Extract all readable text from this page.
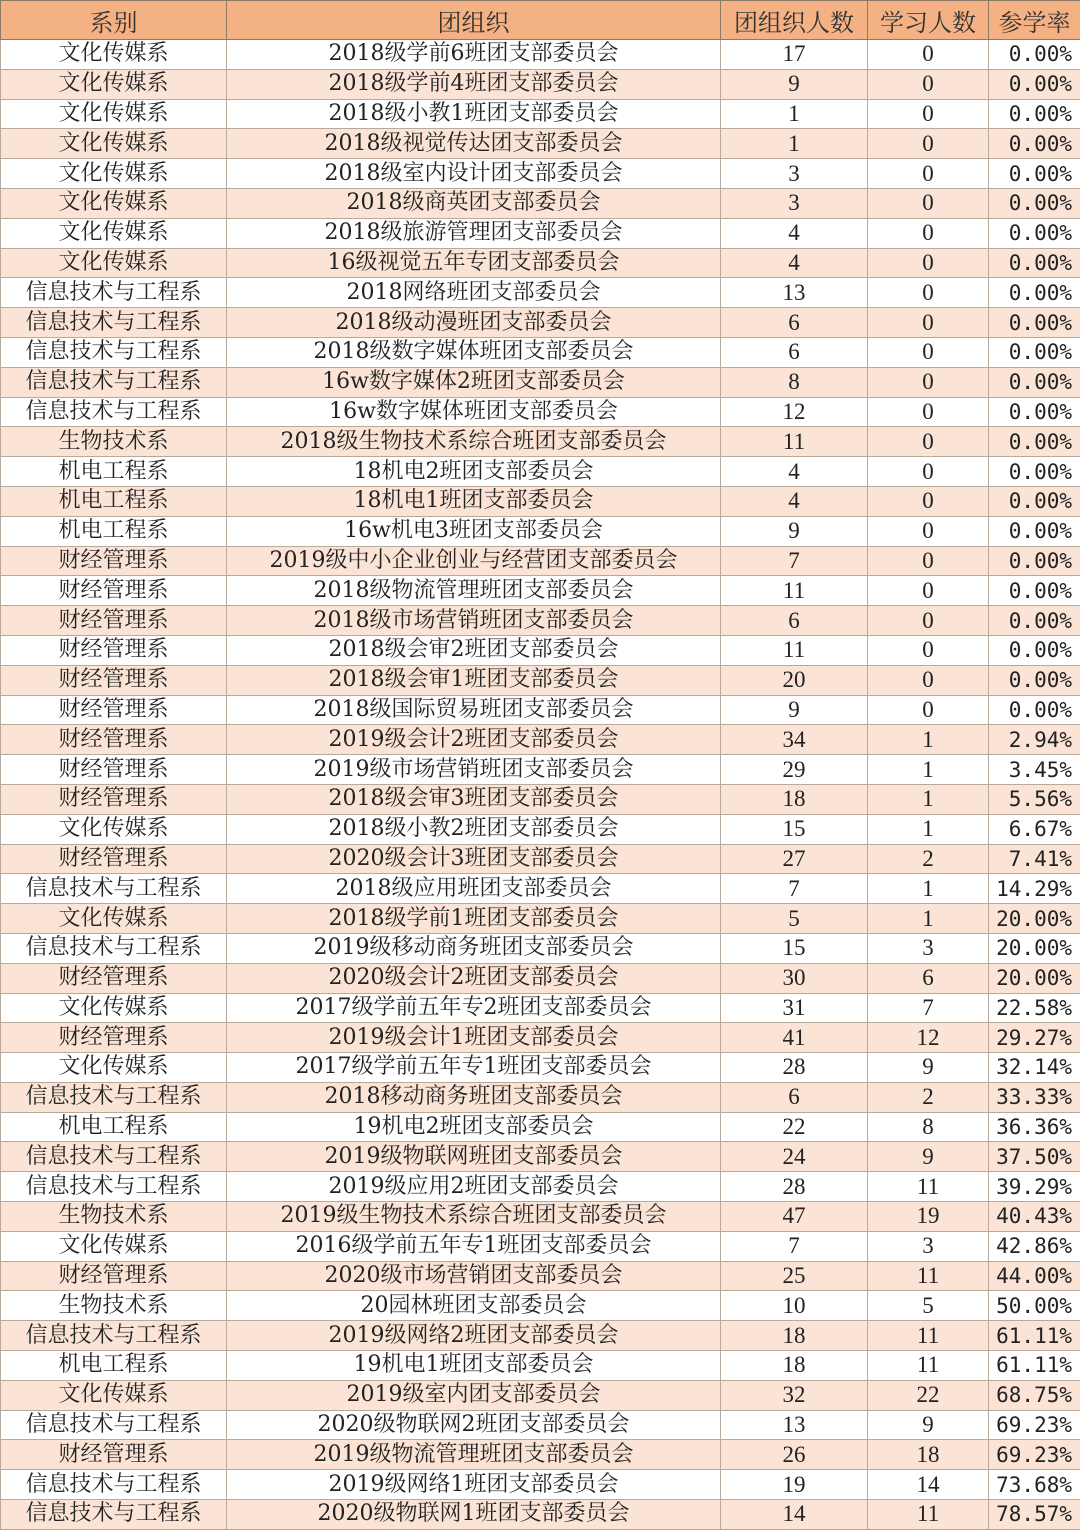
系别	团组织	团组织人数	学习人数	参学率
文化传媒系	2018级学前6班团支部委员会	17	0	0.00%
文化传媒系	2018级学前4班团支部委员会	9	0	0.00%
文化传媒系	2018级小教1班团支部委员会	1	0	0.00%
文化传媒系	2018级视觉传达团支部委员会	1	0	0.00%
文化传媒系	2018级室内设计团支部委员会	3	0	0.00%
文化传媒系	2018级商英团支部委员会	3	0	0.00%
文化传媒系	2018级旅游管理团支部委员会	4	0	0.00%
文化传媒系	16级视觉五年专团支部委员会	4	0	0.00%
信息技术与工程系	2018网络班团支部委员会	13	0	0.00%
信息技术与工程系	2018级动漫班团支部委员会	6	0	0.00%
信息技术与工程系	2018级数字媒体班团支部委员会	6	0	0.00%
信息技术与工程系	16w数字媒体2班团支部委员会	8	0	0.00%
信息技术与工程系	16w数字媒体班团支部委员会	12	0	0.00%
生物技术系	2018级生物技术系综合班团支部委员会	11	0	0.00%
机电工程系	18机电2班团支部委员会	4	0	0.00%
机电工程系	18机电1班团支部委员会	4	0	0.00%
机电工程系	16w机电3班团支部委员会	9	0	0.00%
财经管理系	2019级中小企业创业与经营团支部委员会	7	0	0.00%
财经管理系	2018级物流管理班团支部委员会	11	0	0.00%
财经管理系	2018级市场营销班团支部委员会	6	0	0.00%
财经管理系	2018级会审2班团支部委员会	11	0	0.00%
财经管理系	2018级会审1班团支部委员会	20	0	0.00%
财经管理系	2018级国际贸易班团支部委员会	9	0	0.00%
财经管理系	2019级会计2班团支部委员会	34	1	2.94%
财经管理系	2019级市场营销班团支部委员会	29	1	3.45%
财经管理系	2018级会审3班团支部委员会	18	1	5.56%
文化传媒系	2018级小教2班团支部委员会	15	1	6.67%
财经管理系	2020级会计3班团支部委员会	27	2	7.41%
信息技术与工程系	2018级应用班团支部委员会	7	1	14.29%
文化传媒系	2018级学前1班团支部委员会	5	1	20.00%
信息技术与工程系	2019级移动商务班团支部委员会	15	3	20.00%
财经管理系	2020级会计2班团支部委员会	30	6	20.00%
文化传媒系	2017级学前五年专2班团支部委员会	31	7	22.58%
财经管理系	2019级会计1班团支部委员会	41	12	29.27%
文化传媒系	2017级学前五年专1班团支部委员会	28	9	32.14%
信息技术与工程系	2018移动商务班团支部委员会	6	2	33.33%
机电工程系	19机电2班团支部委员会	22	8	36.36%
信息技术与工程系	2019级物联网班团支部委员会	24	9	37.50%
信息技术与工程系	2019级应用2班团支部委员会	28	11	39.29%
生物技术系	2019级生物技术系综合班团支部委员会	47	19	40.43%
文化传媒系	2016级学前五年专1班团支部委员会	7	3	42.86%
财经管理系	2020级市场营销团支部委员会	25	11	44.00%
生物技术系	20园林班团支部委员会	10	5	50.00%
信息技术与工程系	2019级网络2班团支部委员会	18	11	61.11%
机电工程系	19机电1班团支部委员会	18	11	61.11%
文化传媒系	2019级室内团支部委员会	32	22	68.75%
信息技术与工程系	2020级物联网2班团支部委员会	13	9	69.23%
财经管理系	2019级物流管理班团支部委员会	26	18	69.23%
信息技术与工程系	2019级网络1班团支部委员会	19	14	73.68%
信息技术与工程系	2020级物联网1班团支部委员会	14	11	78.57%
